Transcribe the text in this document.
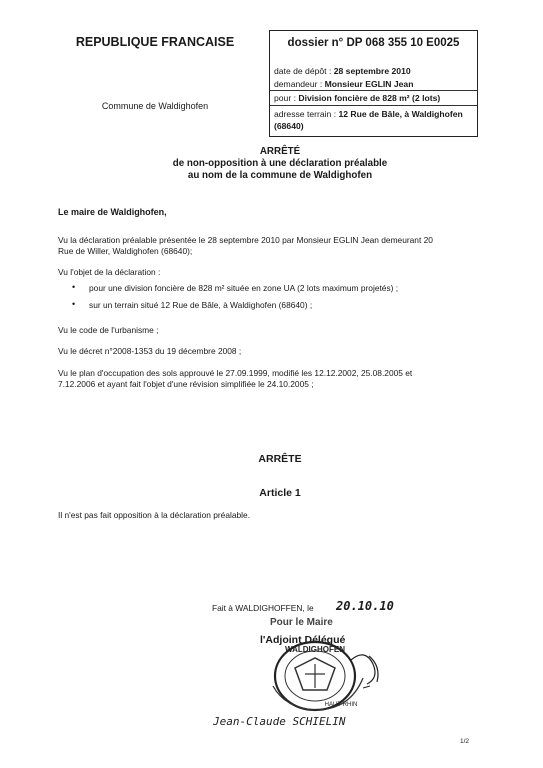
REPUBLIQUE FRANCAISE
Commune de Waldighofen
dossier n° DP 068 355 10 E0025
date de dépôt : 28 septembre 2010
demandeur : Monsieur EGLIN Jean
pour : Division foncière de 828 m² (2 lots)
adresse terrain : 12 Rue de Bâle, à Waldighofen
(68640)
ARRÊTÉ
de non-opposition à une déclaration préalable
au nom de la commune de Waldighofen
Le maire de Waldighofen,
Vu la déclaration préalable présentée le 28 septembre 2010 par Monsieur EGLIN Jean demeurant 20
Rue de Willer, Waldighofen (68640);
Vu l'objet de la déclaration :
• pour une division foncière de 828 m² située en zone UA (2 lots maximum projetés) ;
• sur un terrain situé 12 Rue de Bâle, à Waldighofen (68640) ;
Vu le code de l'urbanisme ;
Vu le décret n°2008-1353 du 19 décembre 2008 ;
Vu le plan d'occupation des sols approuvé le 27.09.1999, modifié les 12.12.2002, 25.08.2005 et
7.12.2006 et ayant fait l'objet d'une révision simplifiée le 24.10.2005 ;
ARRÊTE
Article 1
Il n'est pas fait opposition à la déclaration préalable.
Fait à WALDIGHOFFEN, le 20.10.10
Pour le Maire
l'Adjoint Délégué
WALDIGHOFEN
HAUT-RHIN
Jean-Claude SCHIELIN
1/2
